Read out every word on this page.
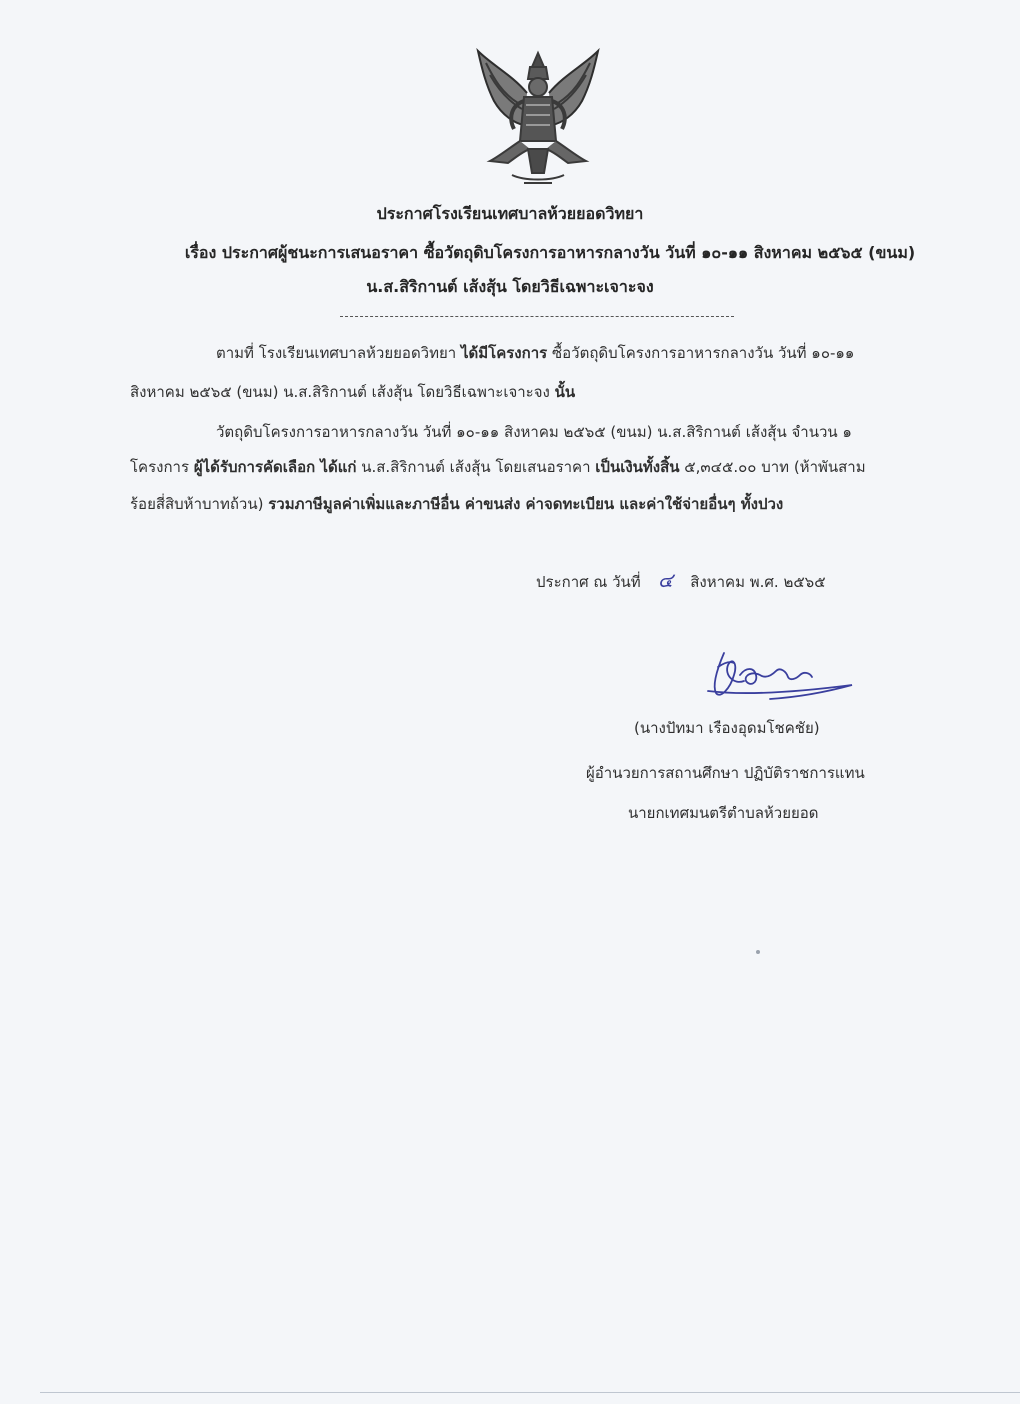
ประกาศโรงเรียนเทศบาลห้วยยอดวิทยา
เรื่อง ประกาศผู้ชนะการเสนอราคา ซื้อวัตถุดิบโครงการอาหารกลางวัน วันที่ ๑๐-๑๑ สิงหาคม ๒๕๖๕ (ขนม)
น.ส.สิริกานต์ เส้งสุ้น โดยวิธีเฉพาะเจาะจง
ตามที่ โรงเรียนเทศบาลห้วยยอดวิทยา ได้มีโครงการ ซื้อวัตถุดิบโครงการอาหารกลางวัน วันที่ ๑๐-๑๑
สิงหาคม ๒๕๖๕ (ขนม) น.ส.สิริกานต์ เส้งสุ้น โดยวิธีเฉพาะเจาะจง นั้น
วัตถุดิบโครงการอาหารกลางวัน วันที่ ๑๐-๑๑ สิงหาคม ๒๕๖๕ (ขนม) น.ส.สิริกานต์ เส้งสุ้น จำนวน ๑
โครงการ ผู้ได้รับการคัดเลือก ได้แก่ น.ส.สิริกานต์ เส้งสุ้น โดยเสนอราคา เป็นเงินทั้งสิ้น ๕,๓๔๕.๐๐ บาท (ห้าพันสาม
ร้อยสี่สิบห้าบาทถ้วน) รวมภาษีมูลค่าเพิ่มและภาษีอื่น ค่าขนส่ง ค่าจดทะเบียน และค่าใช้จ่ายอื่นๆ ทั้งปวง
ประกาศ ณ วันที่ ๔ สิงหาคม พ.ศ. ๒๕๖๕
(นางปัทมา เรืองอุดมโชคชัย)
ผู้อำนวยการสถานศึกษา ปฏิบัติราชการแทน
นายกเทศมนตรีตำบลห้วยยอด
